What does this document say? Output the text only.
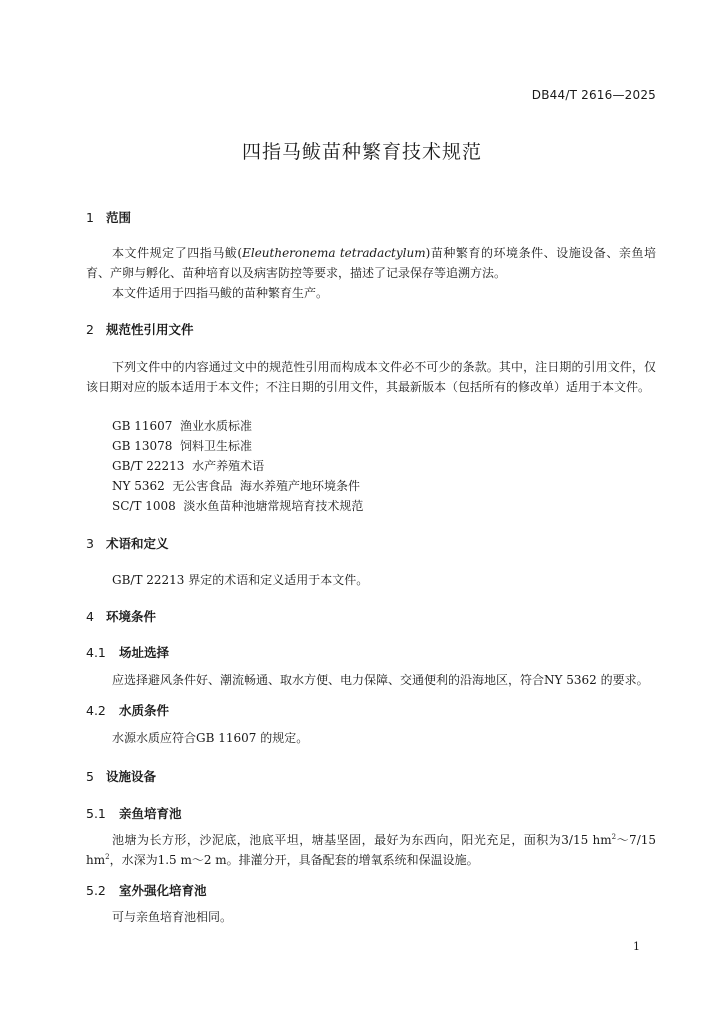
DB44/T 2616—2025
四指马鲅苗种繁育技术规范
1 范围
本文件规定了四指马鲅(Eleutheronema tetradactylum)苗种繁育的环境条件、设施设备、亲鱼培育、产卵与孵化、苗种培育以及病害防控等要求，描述了记录保存等追溯方法。
本文件适用于四指马鲅的苗种繁育生产。
2 规范性引用文件
下列文件中的内容通过文中的规范性引用而构成本文件必不可少的条款。其中，注日期的引用文件，仅该日期对应的版本适用于本文件；不注日期的引用文件，其最新版本（包括所有的修改单）适用于本文件。
GB 11607  渔业水质标准
GB 13078  饲料卫生标准
GB/T 22213  水产养殖术语
NY 5362  无公害食品  海水养殖产地环境条件
SC/T 1008  淡水鱼苗种池塘常规培育技术规范
3 术语和定义
GB/T 22213 界定的术语和定义适用于本文件。
4 环境条件
4.1 场址选择
应选择避风条件好、潮流畅通、取水方便、电力保障、交通便利的沿海地区，符合NY 5362 的要求。
4.2 水质条件
水源水质应符合GB 11607 的规定。
5 设施设备
5.1 亲鱼培育池
池塘为长方形，沙泥底，池底平坦，塘基坚固，最好为东西向，阳光充足，面积为3/15 $hm^2\sim 7/15$ $hm^2$，水深为1.5 m～2 m。排灌分开，具备配套的增氧系统和保温设施。
5.2 室外强化培育池
可与亲鱼培育池相同。
1
